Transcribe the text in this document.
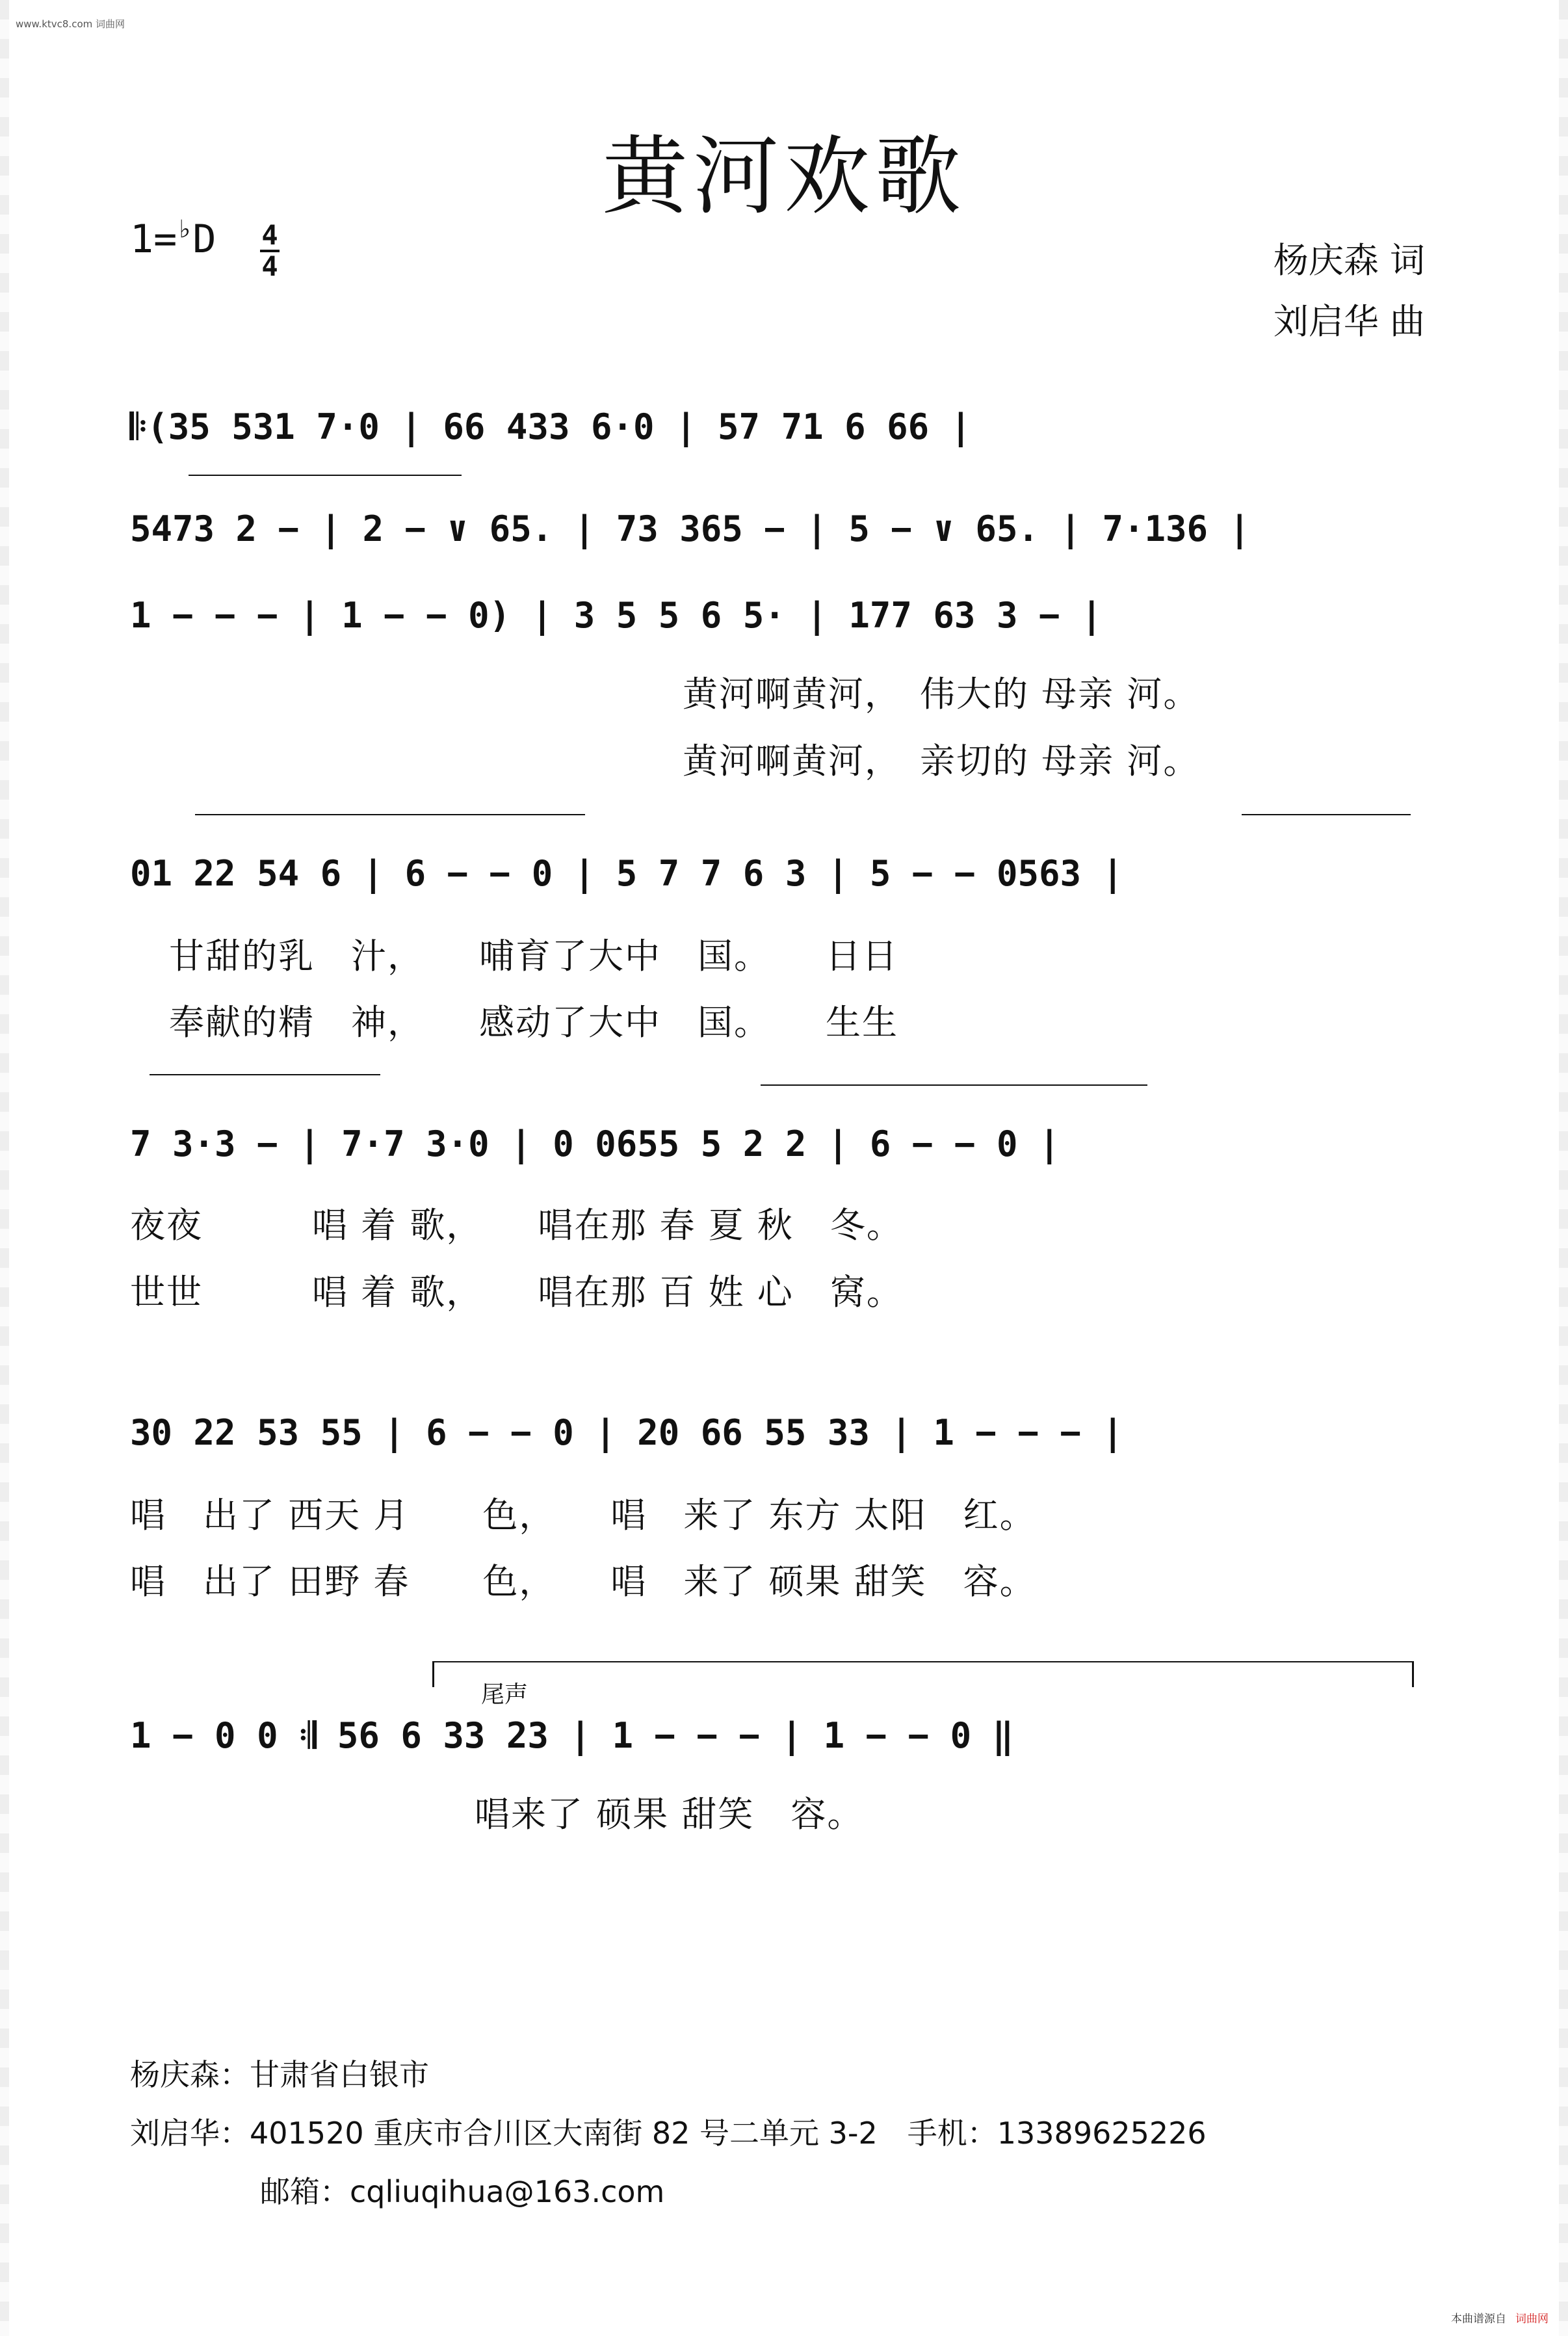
www.ktvc8.com 词曲网
黄河欢歌
1=♭D 4
4	杨庆森 词
刘启华 曲
𝄆(35 531 7·0 | 66 433 6·0 | 57 71 6 66 |
5473 2 − | 2 − ∨ 65. | 73 365 − | 5 − ∨ 65. | 7·136 |
1 − − − | 1 − − 0) | 3 5 5 6 5· | 177 63 3 − |
黄河啊黄河，　伟大的 母亲 河。
黄河啊黄河，　亲切的 母亲 河。
01 22 54 6 | 6 − − 0 | 5 7 7 6 3 | 5 − − 0563 |
甘甜的乳　汁，　　哺育了大中　国。　　日日
奉献的精　神，　　感动了大中　国。　　生生
7 3·3 − | 7·7 3·0 | 0 0655 5 2 2 | 6 − − 0 |
夜夜　　　唱 着 歌，　　唱在那 春 夏 秋　冬。
世世　　　唱 着 歌，　　唱在那 百 姓 心　窝。
30 22 53 55 | 6 − − 0 | 20 66 55 33 | 1 − − − |
唱　出了 西天 月　　色，　　唱　来了 东方 太阳　红。
唱　出了 田野 春　　色，　　唱　来了 硕果 甜笑　容。
尾声
1 − 0 0 𝄇 56 6 33 23 | 1 − − − | 1 − − 0 ‖
唱来了 硕果 甜笑　容。
杨庆森：甘肃省白银市
刘启华：401520 重庆市合川区大南街 82 号二单元 3-2　手机：13389625226
邮箱：cqliuqihua@163.com
本曲谱源自 词曲网
